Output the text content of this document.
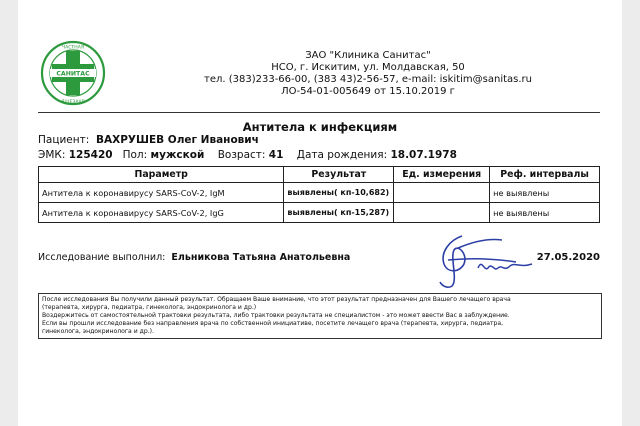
САНИТАС
ЧАСТНАЯ
ЯЩЕЗАУЛ
ЗАО "Клиника Санитас"
НСО, г. Искитим, ул. Молдавская, 50
тел. (383)233-66-00, (383 43)2-56-57, e-mail: iskitim@sanitas.ru
ЛО-54-01-005649 от 15.10.2019 г
Антитела к инфекциям
Пациент: ВАХРУШЕВ Олег Иванович
ЭМК: 125420 Пол: мужской Возраст: 41 Дата рождения: 18.07.1978
Параметр	Результат	Ед. измерения	Реф. интервалы
Антитела к коронавирусу SARS-CoV-2, IgM	выявлены( кп-10,682)		не выявлены
Антитела к коронавирусу SARS-CoV-2, IgG	выявлены( кп-15,287)		не выявлены
Исследование выполнил: Ельникова Татьяна Анатольевна	27.05.2020
После исследования Вы получили данный результат. Обращаем Ваше внимание, что этот результат предназначен для Вашего лечащего врача
(терапевта, хирурга, педиатра, гинеколога, эндокринолога и др.)
Воздержитесь от самостоятельной трактовки результата, либо трактовки результата не специалистом - это может ввести Вас в заблуждение.
Если вы прошли исследование без направления врача по собственной инициативе, посетите лечащего врача (терапевта, хирурга, педиатра,
гинеколога, эндокринолога и др.).
